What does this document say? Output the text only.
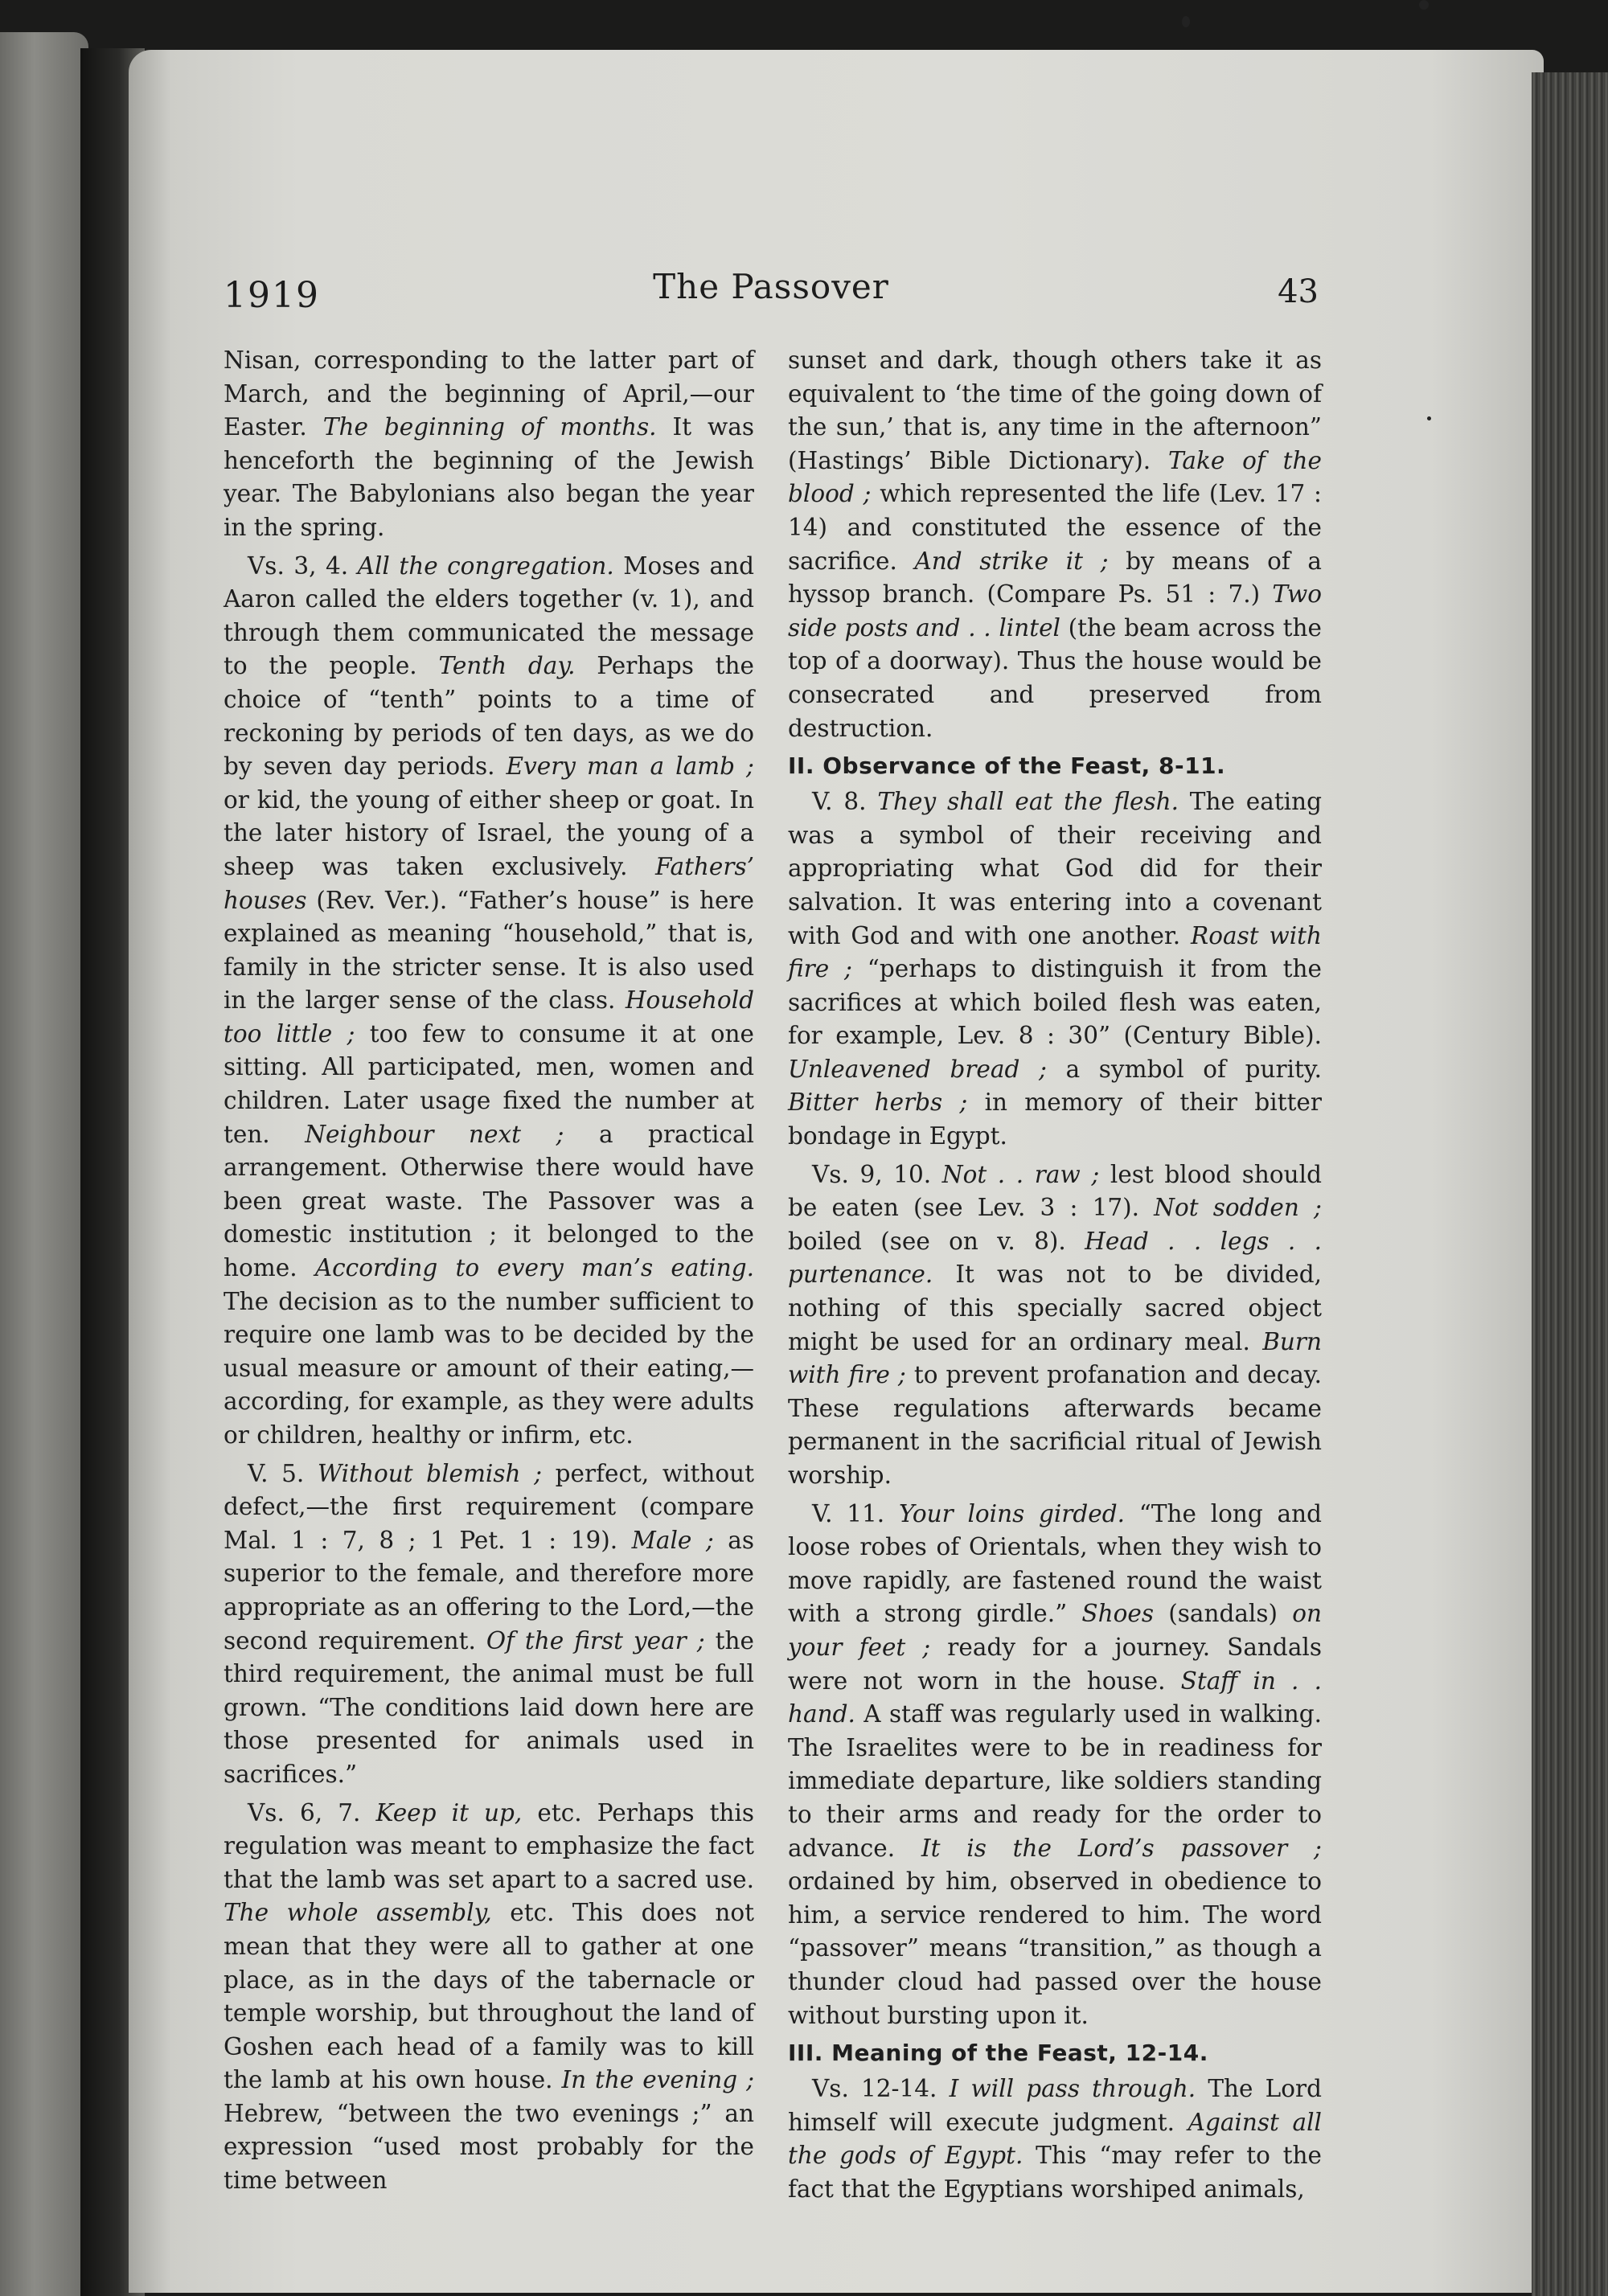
1919	The Passover	43

Nisan, corresponding to the latter part of March, and the beginning of April,—our Easter. The beginning of months. It was henceforth the beginning of the Jewish year. The Babylonians also began the year in the spring.

Vs. 3, 4. All the congregation. Moses and Aaron called the elders together (v. 1), and through them communicated the message to the people. Tenth day. Perhaps the choice of “tenth” points to a time of reckoning by periods of ten days, as we do by seven day periods. Every man a lamb ; or kid, the young of either sheep or goat. In the later history of Israel, the young of a sheep was taken exclusively. Fathers’ houses (Rev. Ver.). “Father’s house” is here explained as meaning “household,” that is, family in the stricter sense. It is also used in the larger sense of the class. Household too little ; too few to consume it at one sitting. All participated, men, women and children. Later usage fixed the number at ten. Neighbour next ; a practical arrangement. Otherwise there would have been great waste. The Passover was a domestic institution ; it belonged to the home. According to every man’s eating. The decision as to the number sufficient to require one lamb was to be decided by the usual measure or amount of their eating,—according, for example, as they were adults or children, healthy or infirm, etc.

V. 5. Without blemish ; perfect, without defect,—the first requirement (compare Mal. 1 : 7, 8 ; 1 Pet. 1 : 19). Male ; as superior to the female, and therefore more appropriate as an offering to the Lord,—the second requirement. Of the first year ; the third requirement, the animal must be full grown. “The conditions laid down here are those presented for animals used in sacrifices.”

Vs. 6, 7. Keep it up, etc. Perhaps this regulation was meant to emphasize the fact that the lamb was set apart to a sacred use. The whole assembly, etc. This does not mean that they were all to gather at one place, as in the days of the tabernacle or temple worship, but throughout the land of Goshen each head of a family was to kill the lamb at his own house. In the evening ; Hebrew, “between the two evenings ;” an expression “used most probably for the time between

sunset and dark, though others take it as equivalent to ‘the time of the going down of the sun,’ that is, any time in the afternoon” (Hastings’ Bible Dictionary). Take of the blood ; which represented the life (Lev. 17 : 14) and constituted the essence of the sacrifice. And strike it ; by means of a hyssop branch. (Compare Ps. 51 : 7.) Two side posts and . . lintel (the beam across the top of a doorway). Thus the house would be consecrated and preserved from destruction.

II. Observance of the Feast, 8-11.

V. 8. They shall eat the flesh. The eating was a symbol of their receiving and appropriating what God did for their salvation. It was entering into a covenant with God and with one another. Roast with fire ; “perhaps to distinguish it from the sacrifices at which boiled flesh was eaten, for example, Lev. 8 : 30” (Century Bible). Unleavened bread ; a symbol of purity. Bitter herbs ; in memory of their bitter bondage in Egypt.

Vs. 9, 10. Not . . raw ; lest blood should be eaten (see Lev. 3 : 17). Not sodden ; boiled (see on v. 8). Head . . legs . . purtenance. It was not to be divided, nothing of this specially sacred object might be used for an ordinary meal. Burn with fire ; to prevent profanation and decay. These regulations afterwards became permanent in the sacrificial ritual of Jewish worship.

V. 11. Your loins girded. “The long and loose robes of Orientals, when they wish to move rapidly, are fastened round the waist with a strong girdle.” Shoes (sandals) on your feet ; ready for a journey. Sandals were not worn in the house. Staff in . . hand. A staff was regularly used in walking. The Israelites were to be in readiness for immediate departure, like soldiers standing to their arms and ready for the order to advance. It is the Lord’s passover ; ordained by him, observed in obedience to him, a service rendered to him. The word “passover” means “transition,” as though a thunder cloud had passed over the house without bursting upon it.

III. Meaning of the Feast, 12-14.

Vs. 12-14. I will pass through. The Lord himself will execute judgment. Against all the gods of Egypt. This “may refer to the fact that the Egyptians worshiped animals,
